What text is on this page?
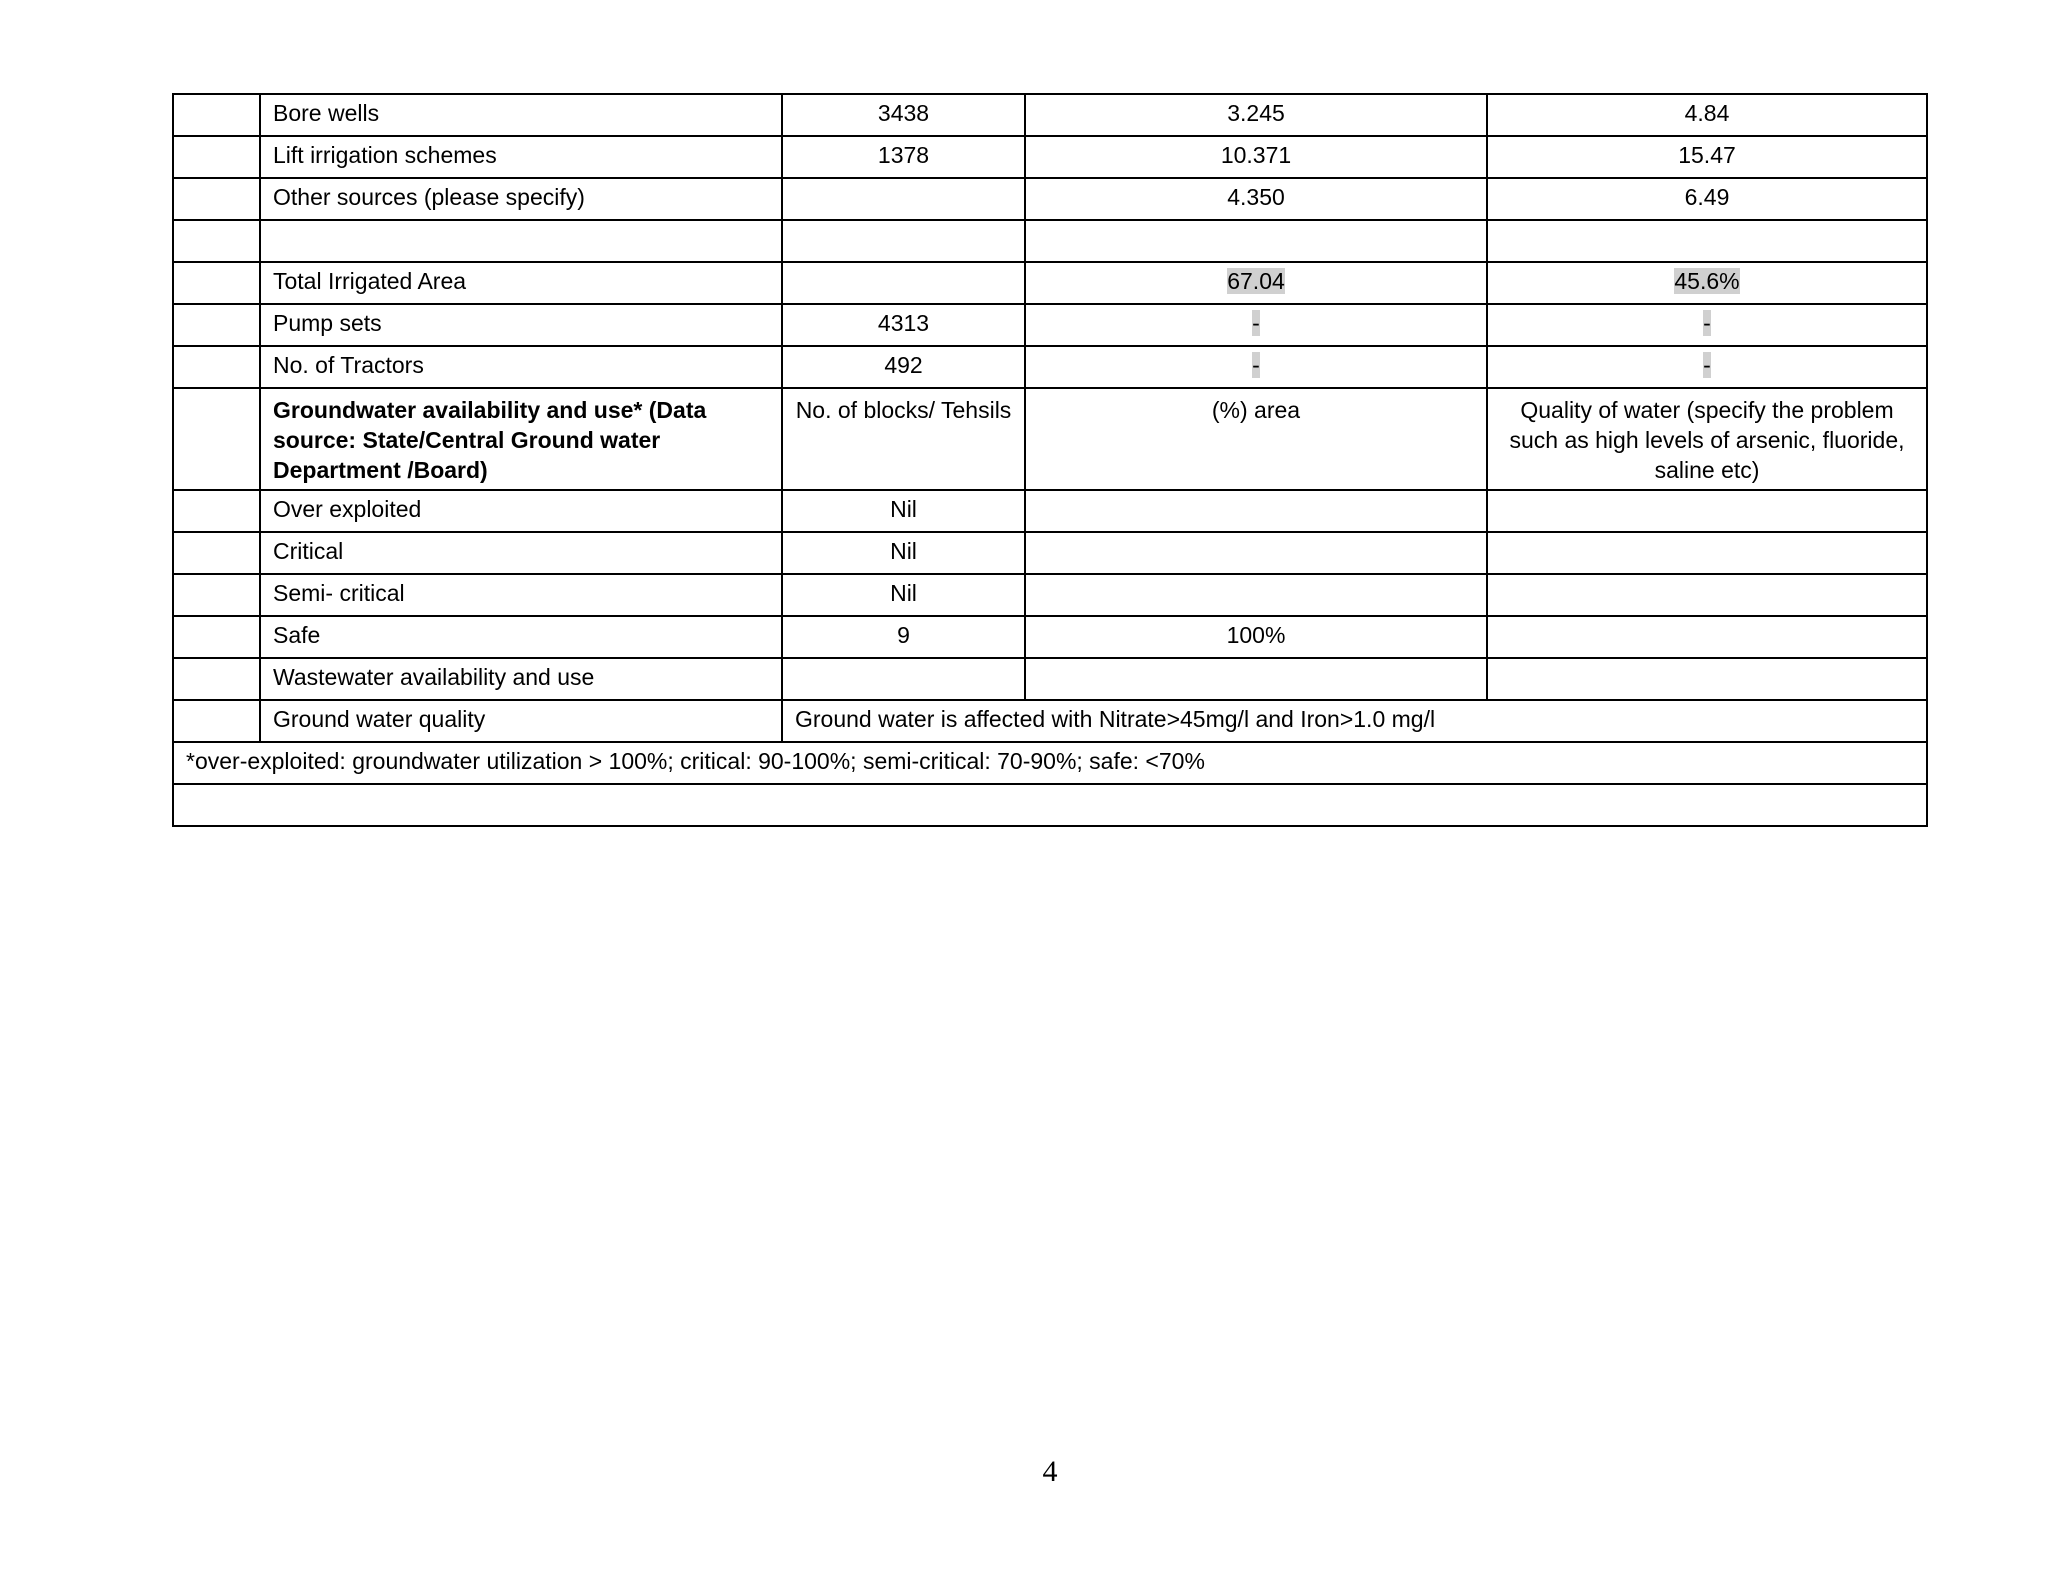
	Bore wells	3438	3.245	4.84
	Lift irrigation schemes	1378	10.371	15.47
	Other sources (please specify)		4.350	6.49

	Total Irrigated Area		67.04	45.6%
	Pump sets	4313	-	-
	No. of Tractors	492	-	-
	Groundwater availability and use* (Data source: State/Central Ground water Department /Board)	No. of blocks/ Tehsils	(%) area	Quality of water (specify the problem such as high levels of arsenic, fluoride, saline etc)
	Over exploited	Nil		
	Critical	Nil		
	Semi- critical	Nil		
	Safe	9	100%	
	Wastewater availability and use			
	Ground water quality	Ground water is affected with Nitrate>45mg/l and Iron>1.0 mg/l		
*over-exploited: groundwater utilization > 100%; critical: 90-100%; semi-critical: 70-90%; safe: <70%				

4
